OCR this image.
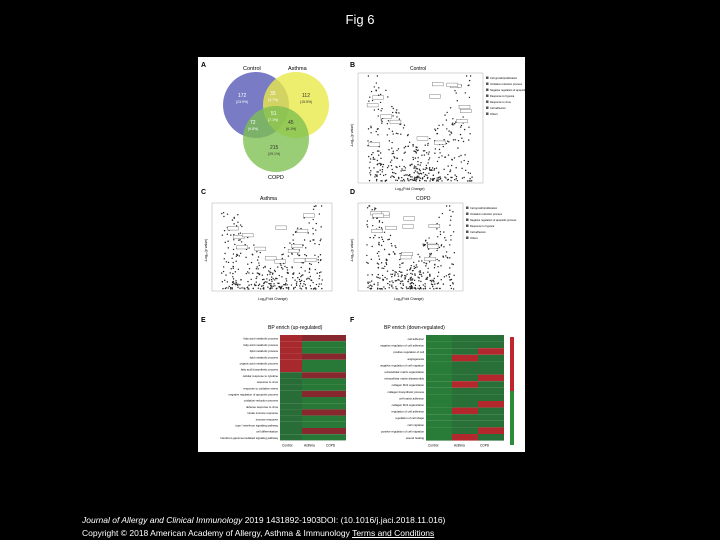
Fig 6
A	Control	Asthma
COPD
172
(23.9%)
35
(4.7%)
112
(15.5%)
51
(7.1%)
72
(9.8%)
45
(6.1%)
215
(29.1%)
B	Control
Log₂(Fold Change)
-Log₁₀(p value)
Cell growth/proliferation
Oxidative reduction process
Negative regulation of apoptotic process
Response to hypoxia
Response to virus
Cell adhesion
Others
C
Asthma
Log₂(Fold Change)
-Log₁₀(p value)
D
COPD
Log₂(Fold Change)
-Log₁₀(p value)
Cell growth/proliferation
Oxidative reduction process
Negative regulation of apoptotic process
Response to hypoxia
Cell adhesion
Others
E
BP enrich (up-regulated)
fatty acid metabolic process
fatty acid metabolic process
lipid metabolic process
lipid metabolic process
organic acid metabolic process
fatty acid biosynthetic process
cellular response to cytokine
response to virus
response to oxidative stress
negative regulation of apoptotic process
oxidation-reduction process
defense response to virus
innate immune response
immune response
type I interferon signaling pathway
cell differentiation
Interferon-gamma-mediated signaling pathway
Control	Asthma	COPD
F
BP enrich (down-regulated)
cell adhesion
negative regulation of cell adhesion
positive regulation of cell
angiogenesis
negative regulation of cell migration
extracellular matrix organization
extracellular matrix disassembly
collagen fibril organization
collagen biosynthetic process
cell-matrix adhesion
collagen fibril organization
regulation of cell adhesion
regulation of cell shape
cell migration
positive regulation of cell migration
wound healing
Control	Asthma	COPD
Journal of Allergy and Clinical Immunology 2019 1431892-1903DOI: (10.1016/j.jaci.2018.11.016)
Copyright © 2018 American Academy of Allergy, Asthma & Immunology Terms and Conditions
